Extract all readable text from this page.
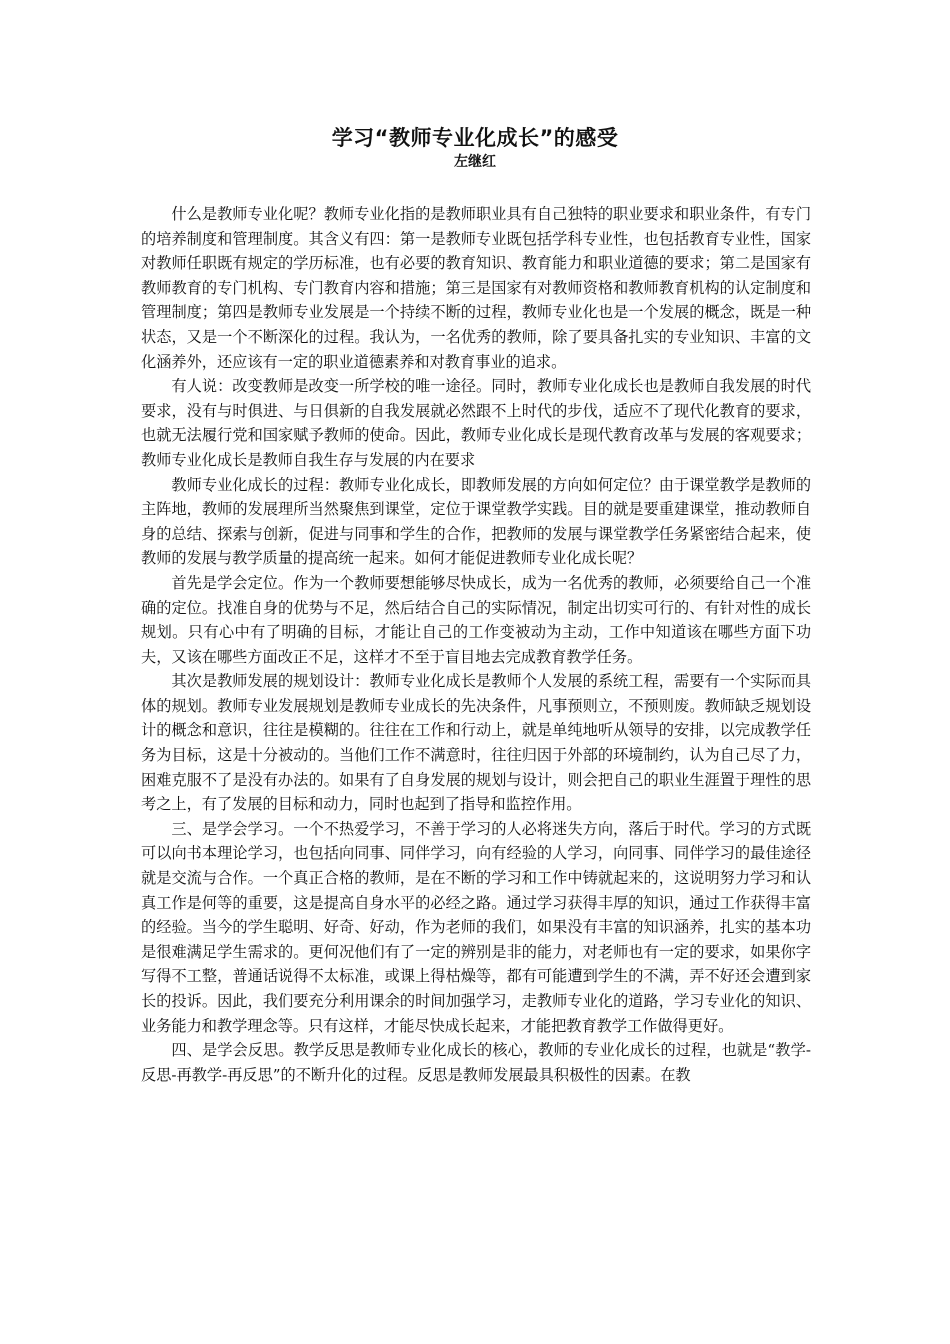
学习“教师专业化成长”的感受
左继红

什么是教师专业化呢？教师专业化指的是教师职业具有自己独特的职业要求和职业条件，有专门的培养制度和管理制度。其含义有四：第一是教师专业既包括学科专业性，也包括教育专业性，国家对教师任职既有规定的学历标准，也有必要的教育知识、教育能力和职业道德的要求；第二是国家有教师教育的专门机构、专门教育内容和措施；第三是国家有对教师资格和教师教育机构的认定制度和管理制度；第四是教师专业发展是一个持续不断的过程，教师专业化也是一个发展的概念，既是一种状态，又是一个不断深化的过程。我认为，一名优秀的教师，除了要具备扎实的专业知识、丰富的文化涵养外，还应该有一定的职业道德素养和对教育事业的追求。

有人说：改变教师是改变一所学校的唯一途径。同时，教师专业化成长也是教师自我发展的时代要求，没有与时俱进、与日俱新的自我发展就必然跟不上时代的步伐，适应不了现代化教育的要求，也就无法履行党和国家赋予教师的使命。因此，教师专业化成长是现代教育改革与发展的客观要求；教师专业化成长是教师自我生存与发展的内在要求

教师专业化成长的过程：教师专业化成长，即教师发展的方向如何定位？由于课堂教学是教师的主阵地，教师的发展理所当然聚焦到课堂，定位于课堂教学实践。目的就是要重建课堂，推动教师自身的总结、探索与创新，促进与同事和学生的合作，把教师的发展与课堂教学任务紧密结合起来，使教师的发展与教学质量的提高统一起来。如何才能促进教师专业化成长呢？

首先是学会定位。作为一个教师要想能够尽快成长，成为一名优秀的教师，必须要给自己一个准确的定位。找准自身的优势与不足，然后结合自己的实际情况，制定出切实可行的、有针对性的成长规划。只有心中有了明确的目标，才能让自己的工作变被动为主动，工作中知道该在哪些方面下功夫，又该在哪些方面改正不足，这样才不至于盲目地去完成教育教学任务。

其次是教师发展的规划设计：教师专业化成长是教师个人发展的系统工程，需要有一个实际而具体的规划。教师专业发展规划是教师专业成长的先决条件，凡事预则立，不预则废。教师缺乏规划设计的概念和意识，往往是模糊的。往往在工作和行动上，就是单纯地听从领导的安排，以完成教学任务为目标，这是十分被动的。当他们工作不满意时，往往归因于外部的环境制约，认为自己尽了力，困难克服不了是没有办法的。如果有了自身发展的规划与设计，则会把自己的职业生涯置于理性的思考之上，有了发展的目标和动力，同时也起到了指导和监控作用。

三、是学会学习。一个不热爱学习，不善于学习的人必将迷失方向，落后于时代。学习的方式既可以向书本理论学习，也包括向同事、同伴学习，向有经验的人学习，向同事、同伴学习的最佳途径就是交流与合作。一个真正合格的教师，是在不断的学习和工作中铸就起来的，这说明努力学习和认真工作是何等的重要，这是提高自身水平的必经之路。通过学习获得丰厚的知识，通过工作获得丰富的经验。当今的学生聪明、好奇、好动，作为老师的我们，如果没有丰富的知识涵养，扎实的基本功是很难满足学生需求的。更何况他们有了一定的辨别是非的能力，对老师也有一定的要求，如果你字写得不工整，普通话说得不太标准，或课上得枯燥等，都有可能遭到学生的不满，弄不好还会遭到家长的投诉。因此，我们要充分利用课余的时间加强学习，走教师专业化的道路，学习专业化的知识、业务能力和教学理念等。只有这样，才能尽快成长起来，才能把教育教学工作做得更好。

四、是学会反思。教学反思是教师专业化成长的核心，教师的专业化成长的过程，也就是“教学-反思-再教学-再反思”的不断升化的过程。反思是教师发展最具积极性的因素。在教
